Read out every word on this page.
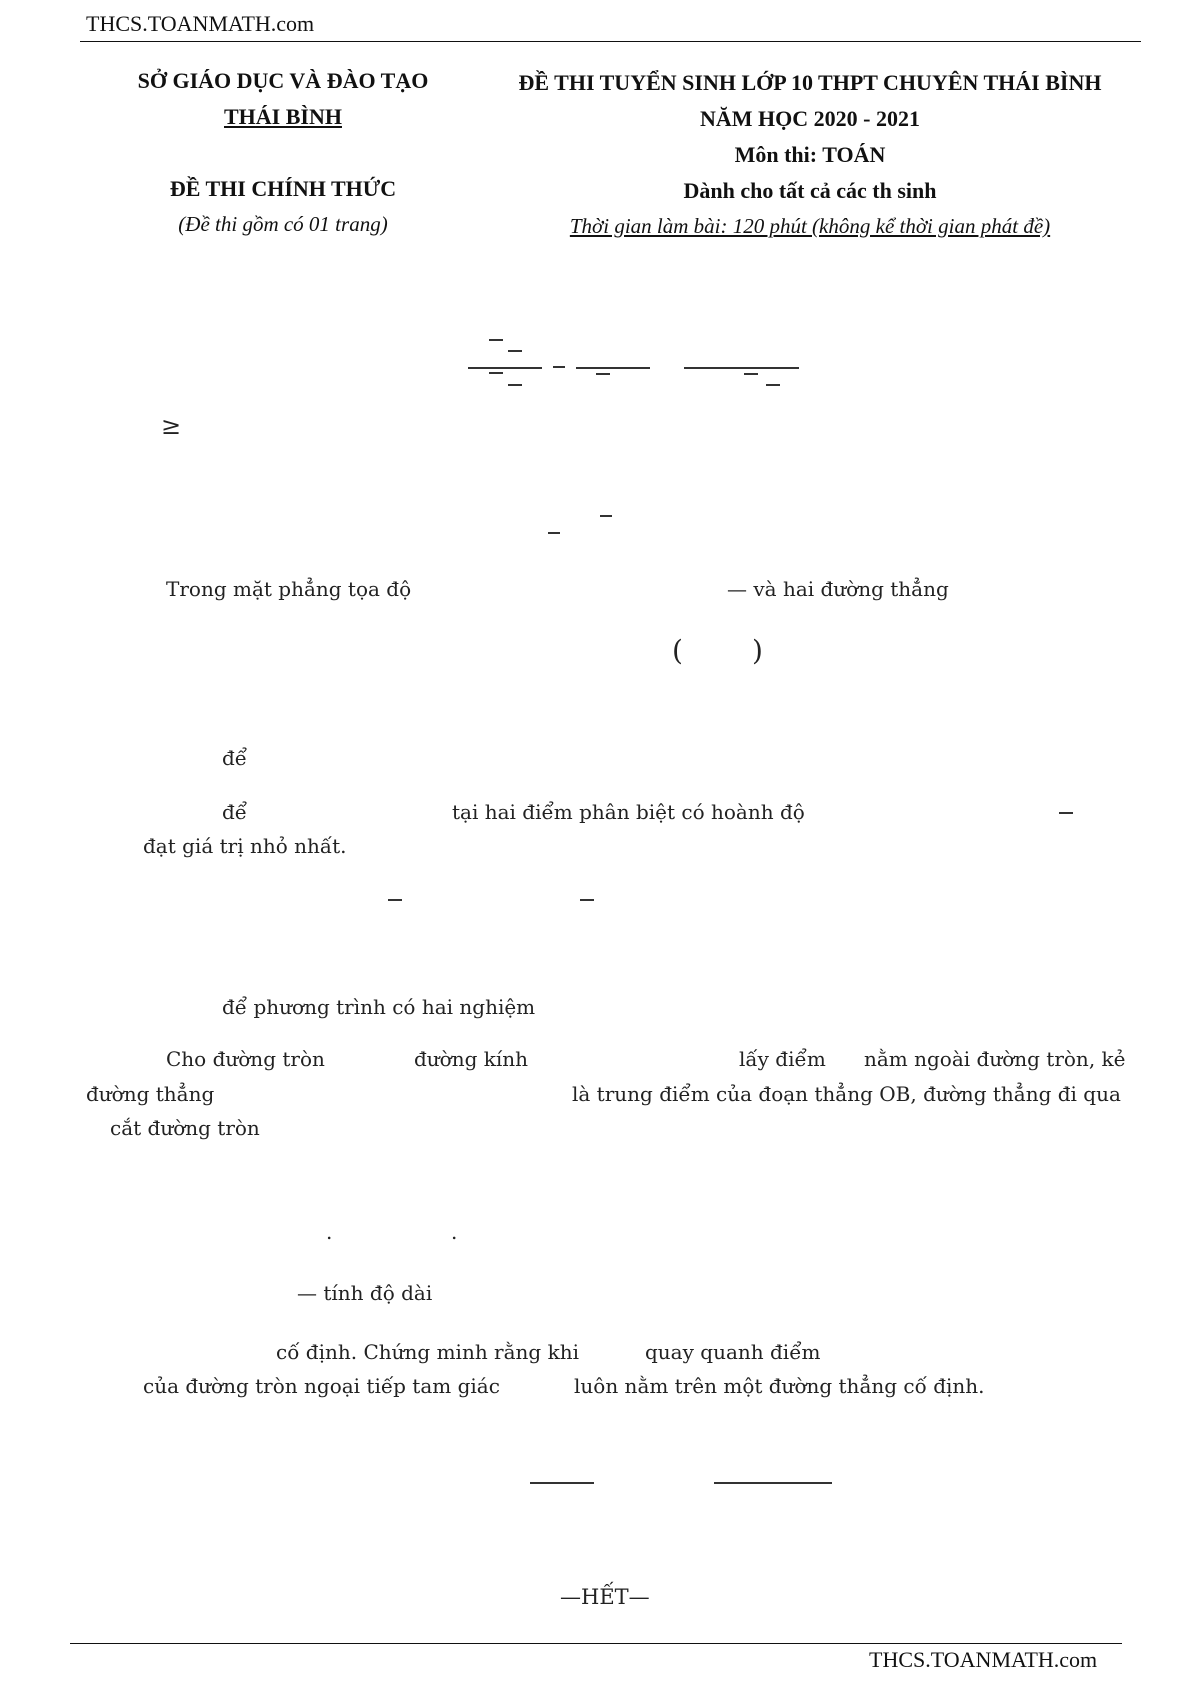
THCS.TOANMATH.com
SỞ GIÁO DỤC VÀ ĐÀO TẠO
THÁI BÌNH
ĐỀ THI CHÍNH THỨC
(Đề thi gồm có 01 trang)
ĐỀ THI TUYỂN SINH LỚP 10 THPT CHUYÊN THÁI BÌNH
NĂM HỌC 2020 - 2021
Môn thi: TOÁN
Dành cho tất cả các th sinh
Thời gian làm bài: 120 phút (không kể thời gian phát đề)
≥
Trong mặt phẳng tọa độ	— và hai đường thẳng
( )
để
để	tại hai điểm phân biệt có hoành độ
đạt giá trị nhỏ nhất.
để phương trình có hai nghiệm
Cho đường tròn	đường kính	lấy điểm nằm ngoài đường tròn, kẻ
đường thẳng	là trung điểm của đoạn thẳng OB, đường thẳng đi qua
cắt đường tròn
.	.
— tính độ dài
cố định. Chứng minh rằng khi	quay quanh điểm
của đường tròn ngoại tiếp tam giác	luôn nằm trên một đường thẳng cố định.
—HẾT—
THCS.TOANMATH.com
